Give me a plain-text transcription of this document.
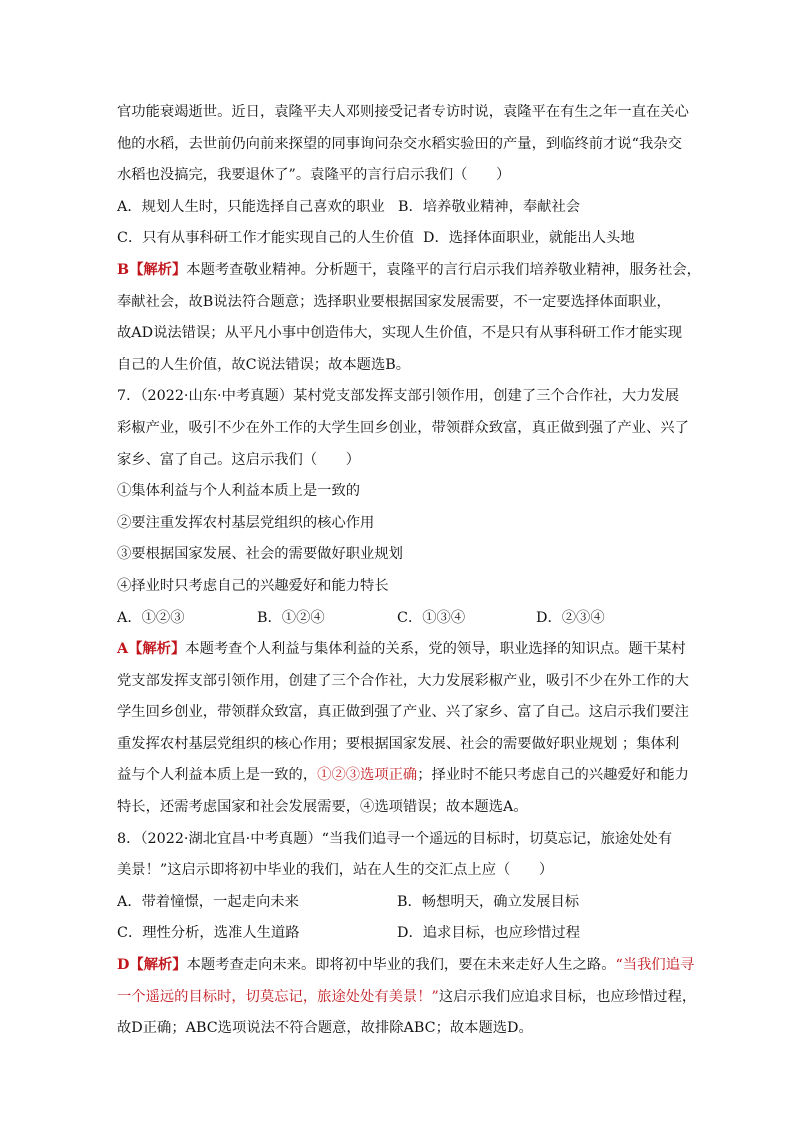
官功能衰竭逝世。近日，袁隆平夫人邓则接受记者专访时说，袁隆平在有生之年一直在关心
他的水稻，去世前仍向前来探望的同事询问杂交水稻实验田的产量，到临终前才说“我杂交
水稻也没搞完，我要退休了”。袁隆平的言行启示我们（　　）
A．规划人生时，只能选择自己喜欢的职业 B．培养敬业精神，奉献社会
C．只有从事科研工作才能实现自己的人生价值 D．选择体面职业，就能出人头地
B【解析】本题考查敬业精神。分析题干，袁隆平的言行启示我们培养敬业精神，服务社会，
奉献社会，故B说法符合题意；选择职业要根据国家发展需要，不一定要选择体面职业，
故AD说法错误；从平凡小事中创造伟大，实现人生价值，不是只有从事科研工作才能实现
自己的人生价值，故C说法错误；故本题选B。
7．（2022·山东·中考真题）某村党支部发挥支部引领作用，创建了三个合作社，大力发展
彩椒产业，吸引不少在外工作的大学生回乡创业，带领群众致富，真正做到强了产业、兴了
家乡、富了自己。这启示我们（　　）
①集体利益与个人利益本质上是一致的
②要注重发挥农村基层党组织的核心作用
③要根据国家发展、社会的需要做好职业规划
④择业时只考虑自己的兴趣爱好和能力特长
A．①②③	B．①②④	C．①③④	D．②③④
A【解析】本题考查个人利益与集体利益的关系，党的领导，职业选择的知识点。题干某村
党支部发挥支部引领作用，创建了三个合作社，大力发展彩椒产业，吸引不少在外工作的大
学生回乡创业，带领群众致富，真正做到强了产业、兴了家乡、富了自己。这启示我们要注
重发挥农村基层党组织的核心作用；要根据国家发展、社会的需要做好职业规划 ；集体利
益与个人利益本质上是一致的，①②③选项正确；择业时不能只考虑自己的兴趣爱好和能力
特长，还需考虑国家和社会发展需要，④选项错误；故本题选A。
8．（2022·湖北宜昌·中考真题）“当我们追寻一个遥远的目标时，切莫忘记，旅途处处有
美景！”这启示即将初中毕业的我们，站在人生的交汇点上应（　　）
A．带着憧憬，一起走向未来	B．畅想明天，确立发展目标
C．理性分析，选准人生道路	D．追求目标，也应珍惜过程
D【解析】本题考查走向未来。即将初中毕业的我们，要在未来走好人生之路。“当我们追寻
一个遥远的目标时，切莫忘记，旅途处处有美景！”这启示我们应追求目标，也应珍惜过程，
故D正确；ABC选项说法不符合题意，故排除ABC；故本题选D。
